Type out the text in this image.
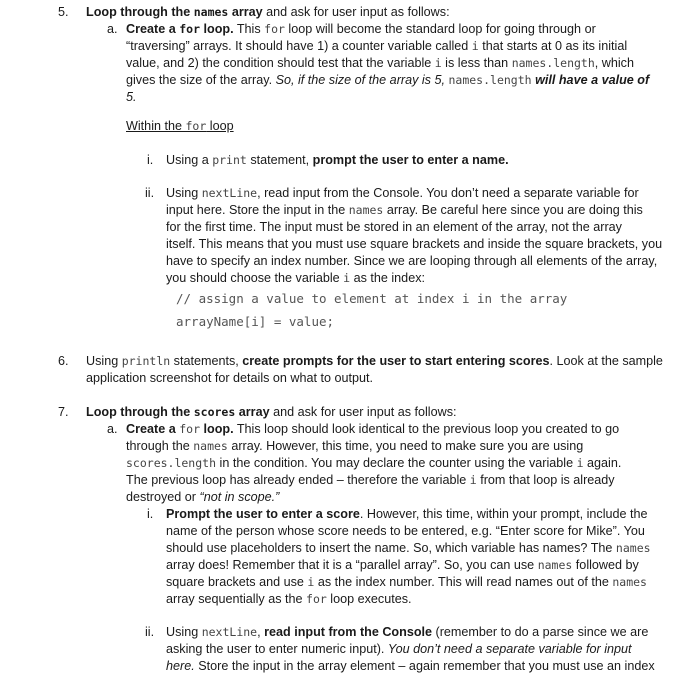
5. Loop through the names array and ask for user input as follows:
a. Create a for loop. This for loop will become the standard loop for going through or
“traversing” arrays. It should have 1) a counter variable called i that starts at 0 as its initial
value, and 2) the condition should test that the variable i is less than names.length, which
gives the size of the array. So, if the size of the array is 5, names.length will have a value of
5.
Within the for loop
i. Using a print statement, prompt the user to enter a name.
ii. Using nextLine, read input from the Console. You don’t need a separate variable for
input here. Store the input in the names array. Be careful here since you are doing this
for the first time. The input must be stored in an element of the array, not the array
itself. This means that you must use square brackets and inside the square brackets, you
have to specify an index number. Since we are looping through all elements of the array,
you should choose the variable i as the index:
// assign a value to element at index i in the array
arrayName[i] = value;
6. Using println statements, create prompts for the user to start entering scores. Look at the sample
application screenshot for details on what to output.
7. Loop through the scores array and ask for user input as follows:
a. Create a for loop. This loop should look identical to the previous loop you created to go
through the names array. However, this time, you need to make sure you are using
scores.length in the condition. You may declare the counter using the variable i again.
The previous loop has already ended – therefore the variable i from that loop is already
destroyed or “not in scope.”
i. Prompt the user to enter a score. However, this time, within your prompt, include the
name of the person whose score needs to be entered, e.g. “Enter score for Mike”. You
should use placeholders to insert the name. So, which variable has names? The names
array does! Remember that it is a “parallel array”. So, you can use names followed by
square brackets and use i as the index number. This will read names out of the names
array sequentially as the for loop executes.
ii. Using nextLine, read input from the Console (remember to do a parse since we are
asking the user to enter numeric input). You don’t need a separate variable for input
here. Store the input in the array element – again remember that you must use an index
